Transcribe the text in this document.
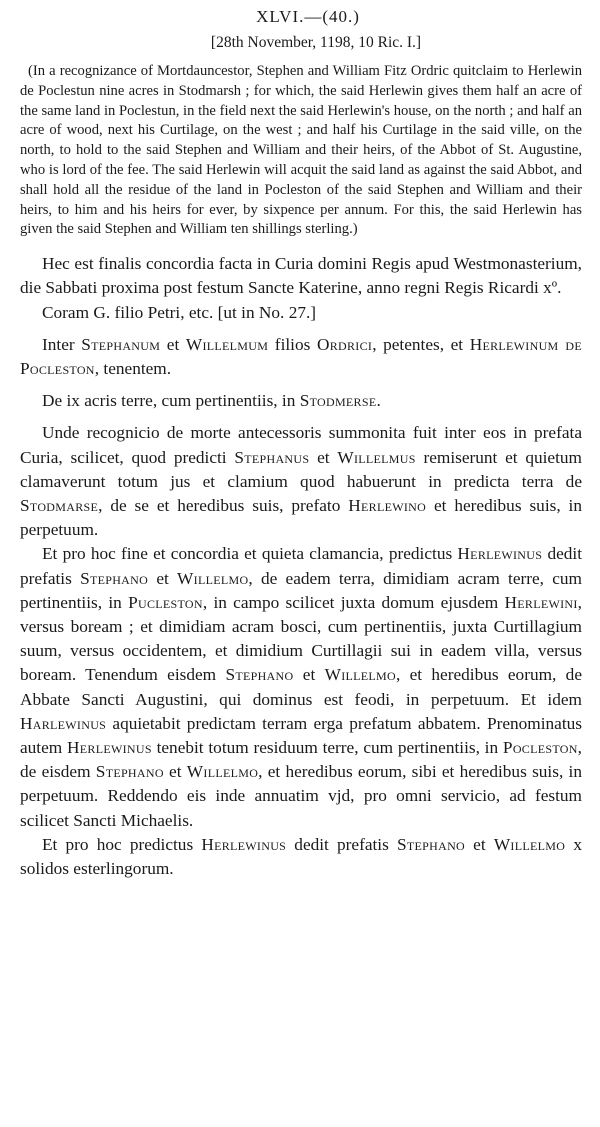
XLVI.—(40.)
[28th November, 1198, 10 Ric. I.]

(In a recognizance of Mortdauncestor, Stephen and William Fitz Ordric quitclaim to Herlewin de Poclestun nine acres in Stodmarsh ; for which, the said Herlewin gives them half an acre of the same land in Poclestun, in the field next the said Herlewin's house, on the north ; and half an acre of wood, next his Curtilage, on the west ; and half his Curtilage in the said ville, on the north, to hold to the said Stephen and William and their heirs, of the Abbot of St. Augustine, who is lord of the fee. The said Herlewin will acquit the said land as against the said Abbot, and shall hold all the residue of the land in Pocleston of the said Stephen and William and their heirs, to him and his heirs for ever, by sixpence per annum. For this, the said Herlewin has given the said Stephen and William ten shillings sterling.)

Hec est finalis concordia facta in Curia domini Regis apud Westmonasterium, die Sabbati proxima post festum Sancte Katerine, anno regni Regis Ricardi xº.

Coram G. filio Petri, etc. [ut in No. 27.]

Inter Stephanum et Willelmum filios Ordrici, petentes, et Herlewinum de Pocleston, tenentem.

De ix acris terre, cum pertinentiis, in Stodmerse.

Unde recognicio de morte antecessoris summonita fuit inter eos in prefata Curia, scilicet, quod predicti Stephanus et Willelmus remiserunt et quietum clamaverunt totum jus et clamium quod habuerunt in predicta terra de Stodmarse, de se et heredibus suis, prefato Herlewino et heredibus suis, in perpetuum.

Et pro hoc fine et concordia et quieta clamancia, predictus Herlewinus dedit prefatis Stephano et Willelmo, de eadem terra, dimidiam acram terre, cum pertinentiis, in Pucleston, in campo scilicet juxta domum ejusdem Herlewini, versus boream ; et dimidiam acram bosci, cum pertinentiis, juxta Curtillagium suum, versus occidentem, et dimidium Curtillagii sui in eadem villa, versus boream. Tenendum eisdem Stephano et Willelmo, et heredibus eorum, de Abbate Sancti Augustini, qui dominus est feodi, in perpetuum. Et idem Harlewinus aquietabit predictam terram erga prefatum abbatem. Prenominatus autem Herlewinus tenebit totum residuum terre, cum pertinentiis, in Pocleston, de eisdem Stephano et Willelmo, et heredibus eorum, sibi et heredibus suis, in perpetuum. Reddendo eis inde annuatim vjd, pro omni servicio, ad festum scilicet Sancti Michaelis.

Et pro hoc predictus Herlewinus dedit prefatis Stephano et Willelmo x solidos esterlingorum.
